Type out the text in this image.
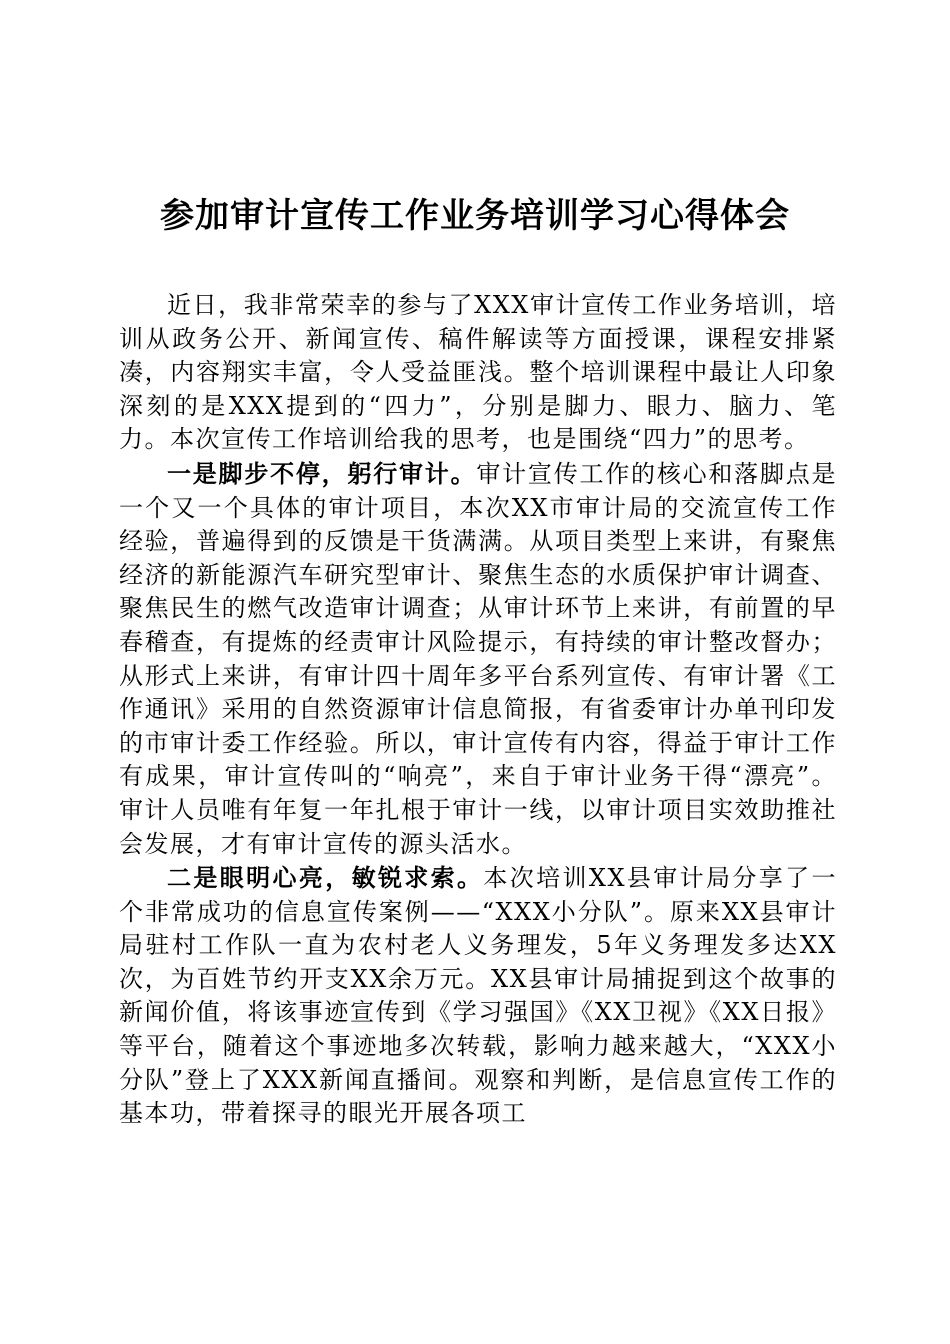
参加审计宣传工作业务培训学习心得体会

近日，我非常荣幸的参与了XXX审计宣传工作业务培训，培训从政务公开、新闻宣传、稿件解读等方面授课，课程安排紧凑，内容翔实丰富，令人受益匪浅。整个培训课程中最让人印象深刻的是XXX提到的“四力”，分别是脚力、眼力、脑力、笔力。本次宣传工作培训给我的思考，也是围绕“四力”的思考。

一是脚步不停，躬行审计。审计宣传工作的核心和落脚点是一个又一个具体的审计项目，本次XX市审计局的交流宣传工作经验，普遍得到的反馈是干货满满。从项目类型上来讲，有聚焦经济的新能源汽车研究型审计、聚焦生态的水质保护审计调查、聚焦民生的燃气改造审计调查；从审计环节上来讲，有前置的早春稽查，有提炼的经责审计风险提示，有持续的审计整改督办；从形式上来讲，有审计四十周年多平台系列宣传、有审计署《工作通讯》采用的自然资源审计信息简报，有省委审计办单刊印发的市审计委工作经验。所以，审计宣传有内容，得益于审计工作有成果，审计宣传叫的“响亮”，来自于审计业务干得“漂亮”。审计人员唯有年复一年扎根于审计一线，以审计项目实效助推社会发展，才有审计宣传的源头活水。

二是眼明心亮，敏锐求索。本次培训XX县审计局分享了一个非常成功的信息宣传案例——“XXX小分队”。原来XX县审计局驻村工作队一直为农村老人义务理发，5年义务理发多达XX次，为百姓节约开支XX余万元。XX县审计局捕捉到这个故事的新闻价值，将该事迹宣传到《学习强国》《XX卫视》《XX日报》等平台，随着这个事迹地多次转载，影响力越来越大，“XXX小分队”登上了XXX新闻直播间。观察和判断，是信息宣传工作的基本功，带着探寻的眼光开展各项工
